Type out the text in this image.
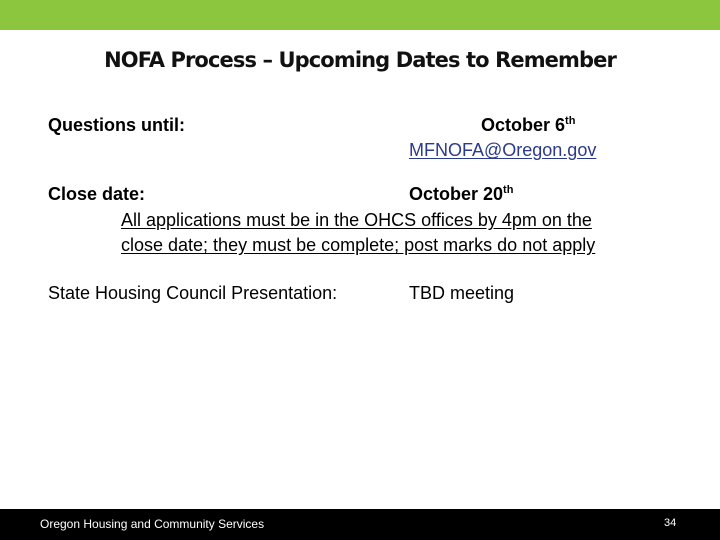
NOFA Process – Upcoming Dates to Remember
Questions until:	October 6th
MFNOFA@Oregon.gov
Close date:	October 20th
All applications must be in the OHCS offices by 4pm on the
close date; they must be complete; post marks do not apply
State Housing Council Presentation:	TBD meeting
Oregon Housing and Community Services	34
